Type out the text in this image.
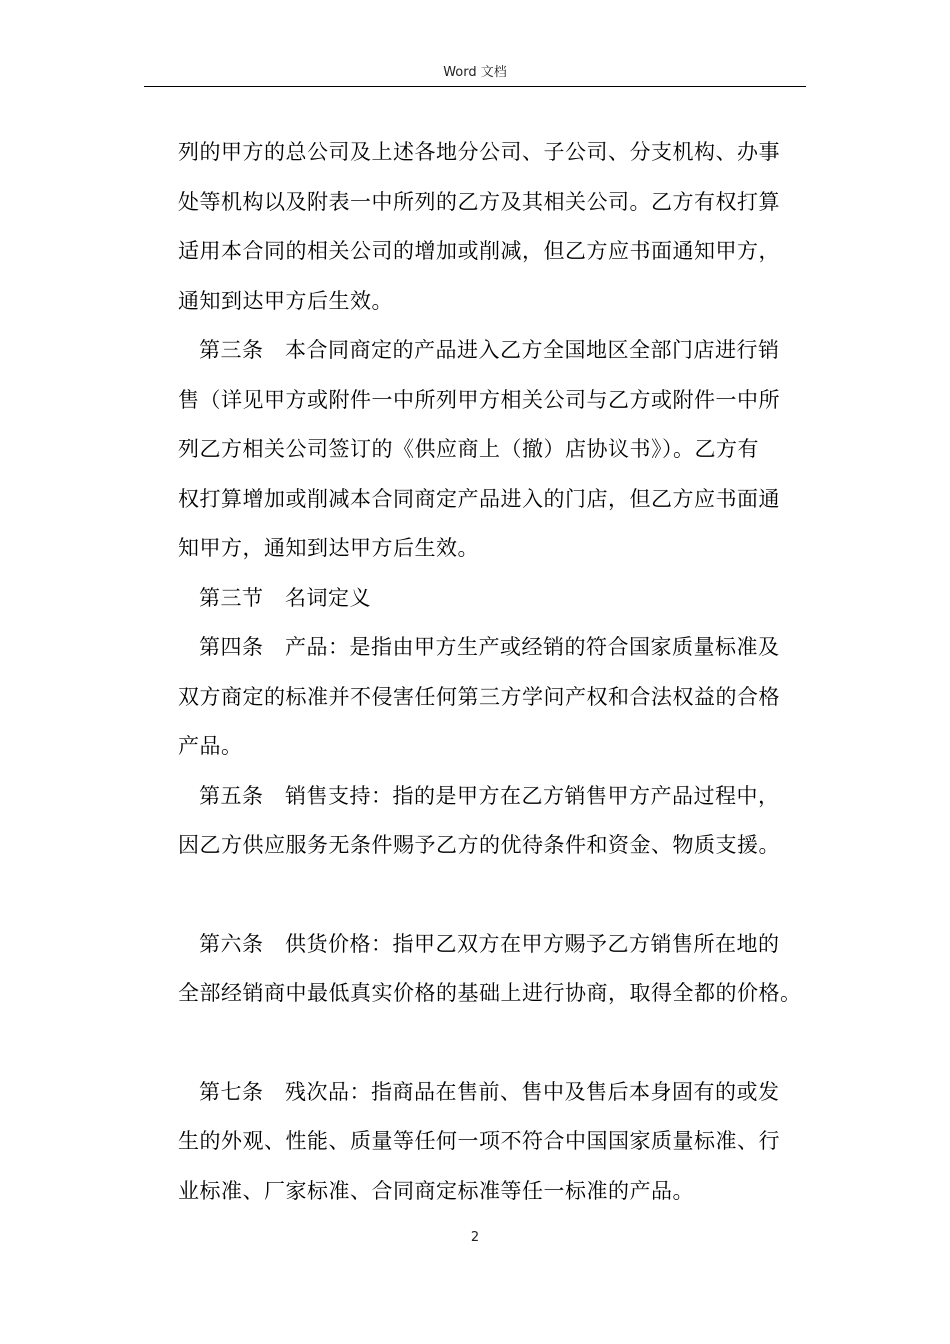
Word 文档
列的甲方的总公司及上述各地分公司、子公司、分支机构、办事
处等机构以及附表一中所列的乙方及其相关公司。乙方有权打算
适用本合同的相关公司的增加或削减，但乙方应书面通知甲方，
通知到达甲方后生效。
第三条　本合同商定的产品进入乙方全国地区全部门店进行销
售（详见甲方或附件一中所列甲方相关公司与乙方或附件一中所
列乙方相关公司签订的《供应商上（撤）店协议书》）。乙方有
权打算增加或削减本合同商定产品进入的门店，但乙方应书面通
知甲方，通知到达甲方后生效。
第三节　名词定义
第四条　产品：是指由甲方生产或经销的符合国家质量标准及
双方商定的标准并不侵害任何第三方学问产权和合法权益的合格
产品。
第五条　销售支持：指的是甲方在乙方销售甲方产品过程中，
因乙方供应服务无条件赐予乙方的优待条件和资金、物质支援。
第六条　供货价格：指甲乙双方在甲方赐予乙方销售所在地的
全部经销商中最低真实价格的基础上进行协商，取得全都的价格。
第七条　残次品：指商品在售前、售中及售后本身固有的或发
生的外观、性能、质量等任何一项不符合中国国家质量标准、行
业标准、厂家标准、合同商定标准等任一标准的产品。
2
